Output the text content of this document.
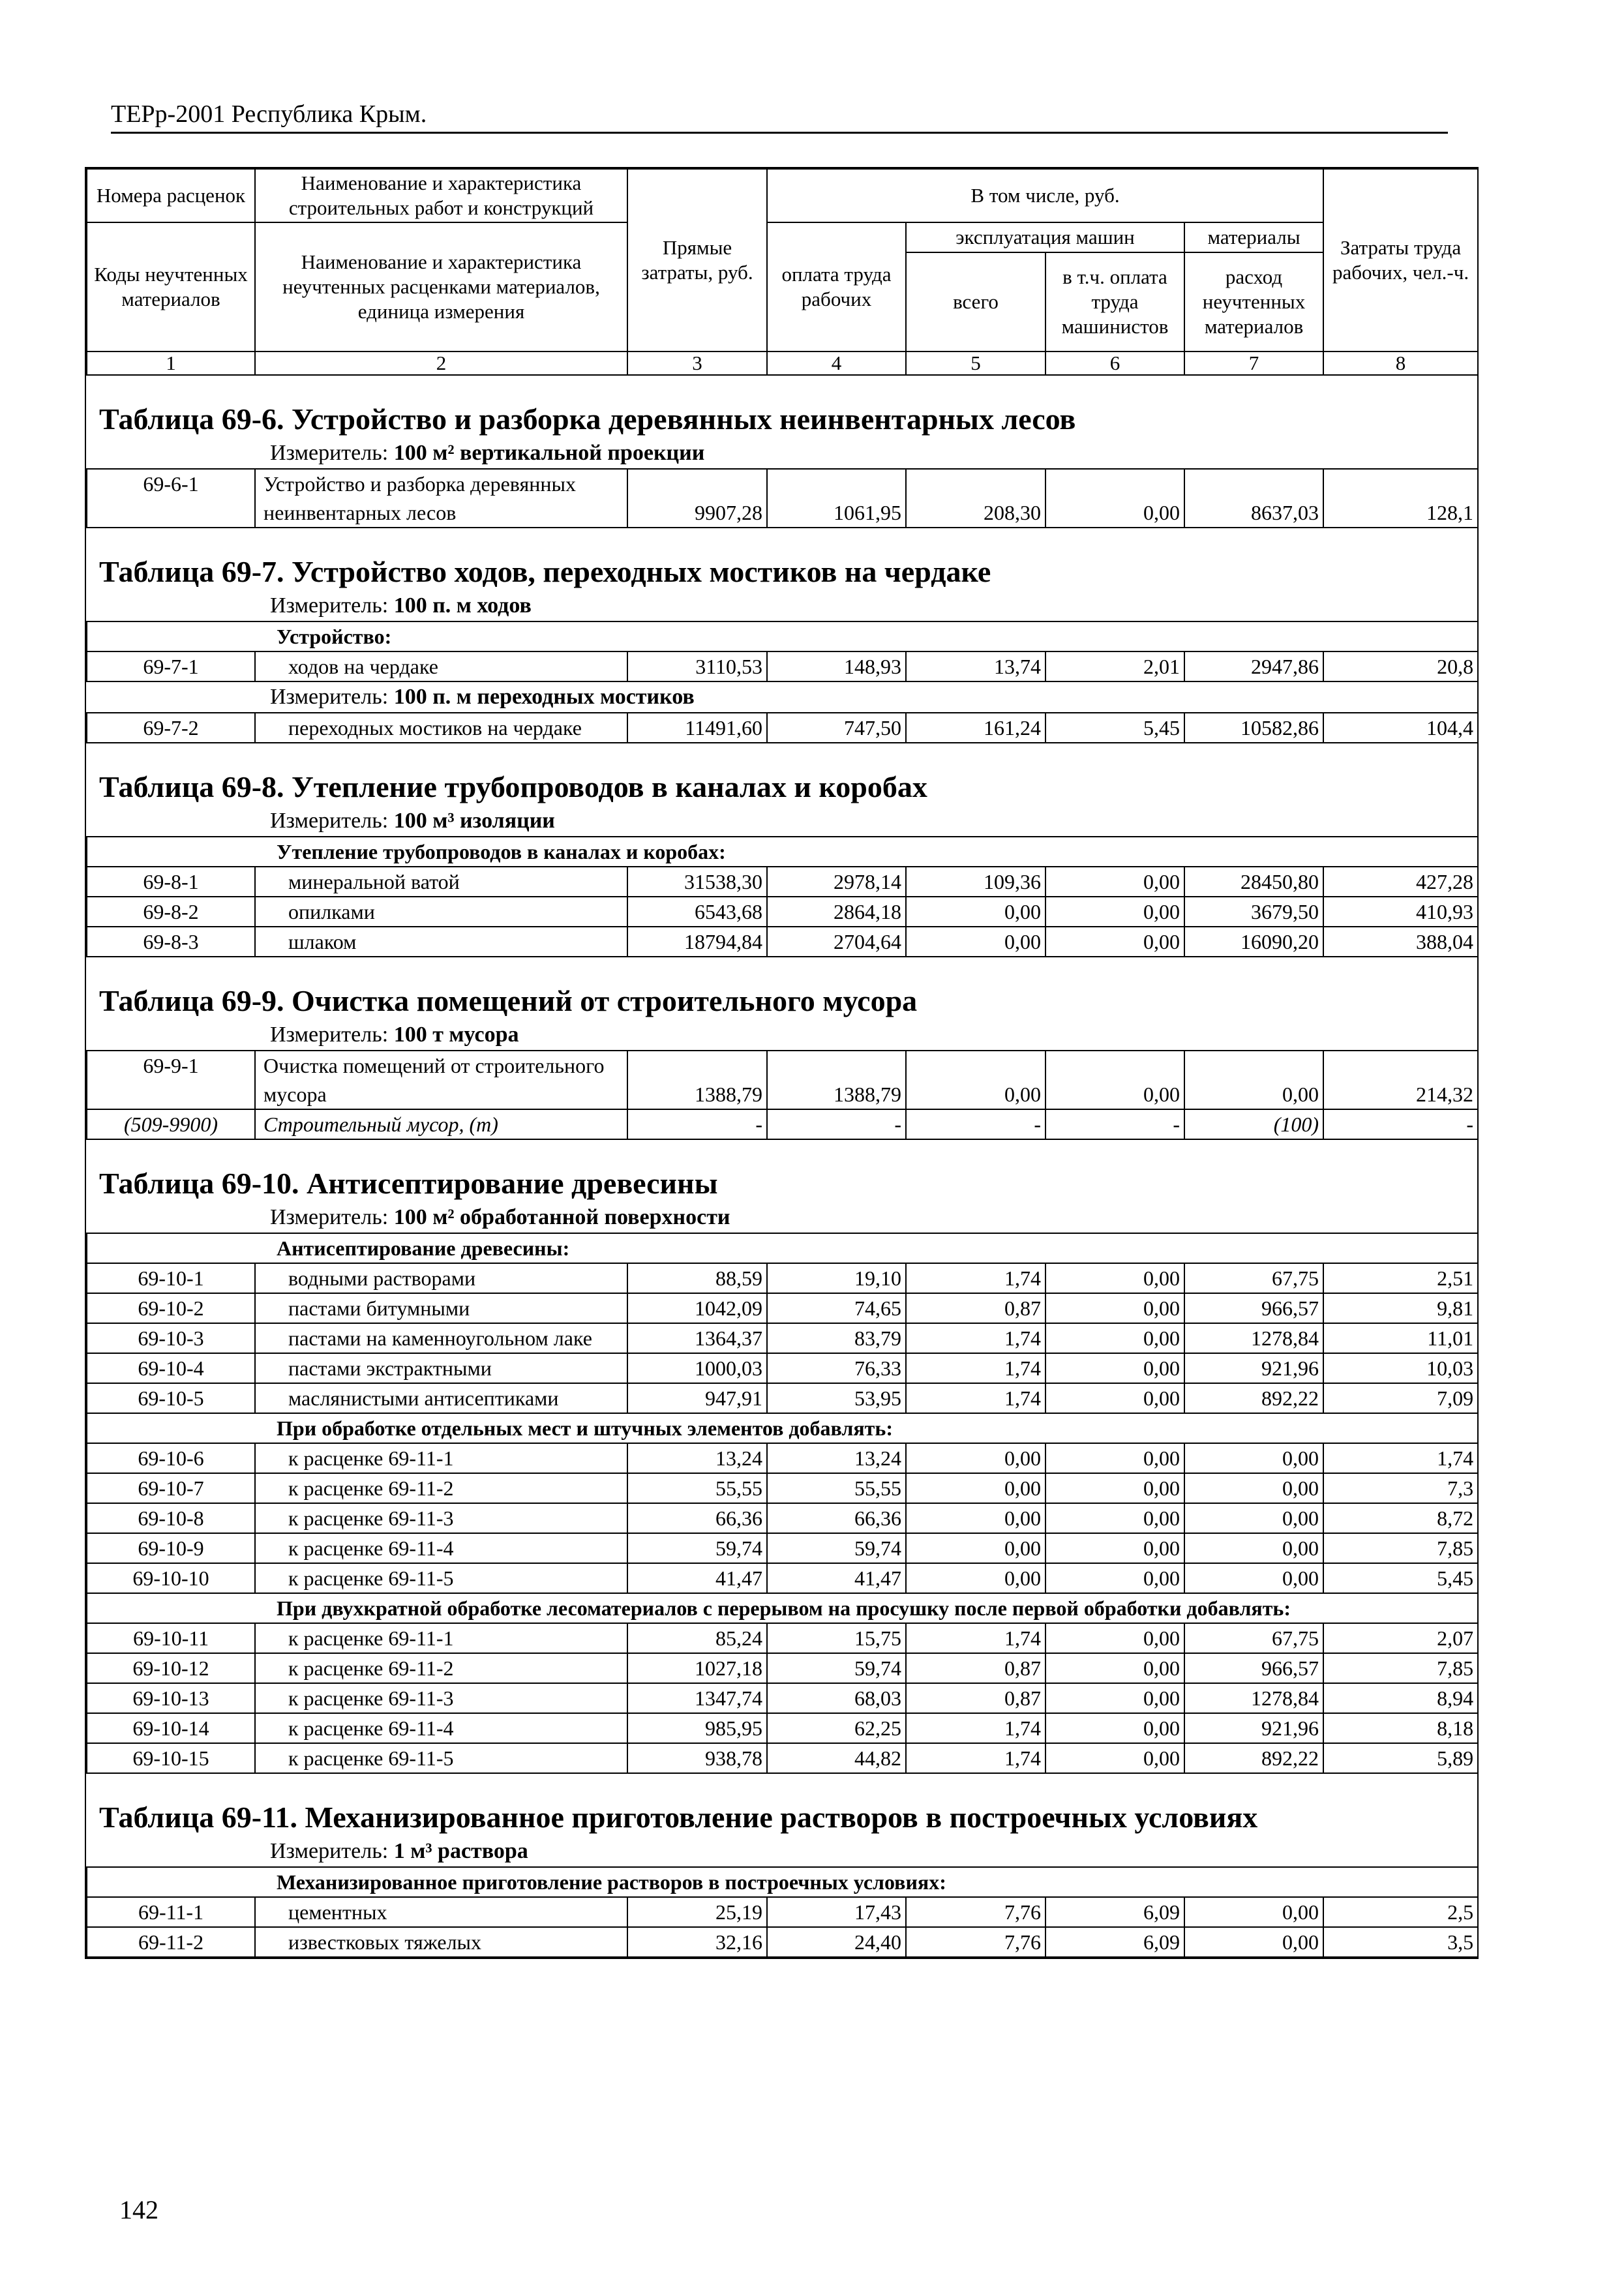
ТЕРр-2001 Республика Крым.
Номера расценок	Наименование и характеристика строительных работ и конструкций	Прямые затраты, руб.	В том числе, руб.				Затраты труда рабочих, чел.-ч.
Коды неучтенных материалов	Наименование и характеристика неучтенных расценками материалов, единица измерения		оплата труда рабочих	эксплуатация машин		материалы	
				всего	в т.ч. оплата труда машинистов	расход неучтенных материалов	
1	2	3	4	5	6	7	8
Таблица 69-6. Устройство и разборка деревянных неинвентарных лесов
Измеритель: 100 м² вертикальной проекции
69-6-1	Устройство и разборка деревянных неинвентарных лесов	9907,28	1061,95	208,30	0,00	8637,03	128,1
Таблица 69-7. Устройство ходов, переходных мостиков на чердаке
Измеритель: 100 п. м ходов
Устройство:
69-7-1	ходов на чердаке	3110,53	148,93	13,74	2,01	2947,86	20,8
Измеритель: 100 п. м переходных мостиков
69-7-2	переходных мостиков на чердаке	11491,60	747,50	161,24	5,45	10582,86	104,4
Таблица 69-8. Утепление трубопроводов в каналах и коробах
Измеритель: 100 м³ изоляции
Утепление трубопроводов в каналах и коробах:							
69-8-1	минеральной ватой	31538,30	2978,14	109,36	0,00	28450,80	427,28
69-8-2	опилками	6543,68	2864,18	0,00	0,00	3679,50	410,93
69-8-3	шлаком	18794,84	2704,64	0,00	0,00	16090,20	388,04
Таблица 69-9. Очистка помещений от строительного мусора
Измеритель: 100 т мусора
69-9-1	Очистка помещений от строительного мусора	1388,79	1388,79	0,00	0,00	0,00	214,32
(509-9900)	Строительный мусор, (т)	-	-	-	-	(100)	-
Таблица 69-10. Антисептирование древесины
Измеритель: 100 м² обработанной поверхности
Антисептирование древесины:							
69-10-1	водными растворами	88,59	19,10	1,74	0,00	67,75	2,51
69-10-2	пастами битумными	1042,09	74,65	0,87	0,00	966,57	9,81
69-10-3	пастами на каменноугольном лаке	1364,37	83,79	1,74	0,00	1278,84	11,01
69-10-4	пастами экстрактными	1000,03	76,33	1,74	0,00	921,96	10,03
69-10-5	маслянистыми антисептиками	947,91	53,95	1,74	0,00	892,22	7,09
При обработке отдельных мест и штучных элементов добавлять:							
69-10-6	к расценке 69-11-1	13,24	13,24	0,00	0,00	0,00	1,74
69-10-7	к расценке 69-11-2	55,55	55,55	0,00	0,00	0,00	7,3
69-10-8	к расценке 69-11-3	66,36	66,36	0,00	0,00	0,00	8,72
69-10-9	к расценке 69-11-4	59,74	59,74	0,00	0,00	0,00	7,85
69-10-10	к расценке 69-11-5	41,47	41,47	0,00	0,00	0,00	5,45
При двухкратной обработке лесоматериалов с перерывом на просушку после первой обработки добавлять:							
69-10-11	к расценке 69-11-1	85,24	15,75	1,74	0,00	67,75	2,07
69-10-12	к расценке 69-11-2	1027,18	59,74	0,87	0,00	966,57	7,85
69-10-13	к расценке 69-11-3	1347,74	68,03	0,87	0,00	1278,84	8,94
69-10-14	к расценке 69-11-4	985,95	62,25	1,74	0,00	921,96	8,18
69-10-15	к расценке 69-11-5	938,78	44,82	1,74	0,00	892,22	5,89
Таблица 69-11. Механизированное приготовление растворов в построечных условиях
Измеритель: 1 м³ раствора
Механизированное приготовление растворов в построечных условиях:							
69-11-1	цементных	25,19	17,43	7,76	6,09	0,00	2,5
69-11-2	известковых тяжелых	32,16	24,40	7,76	6,09	0,00	3,5
142
